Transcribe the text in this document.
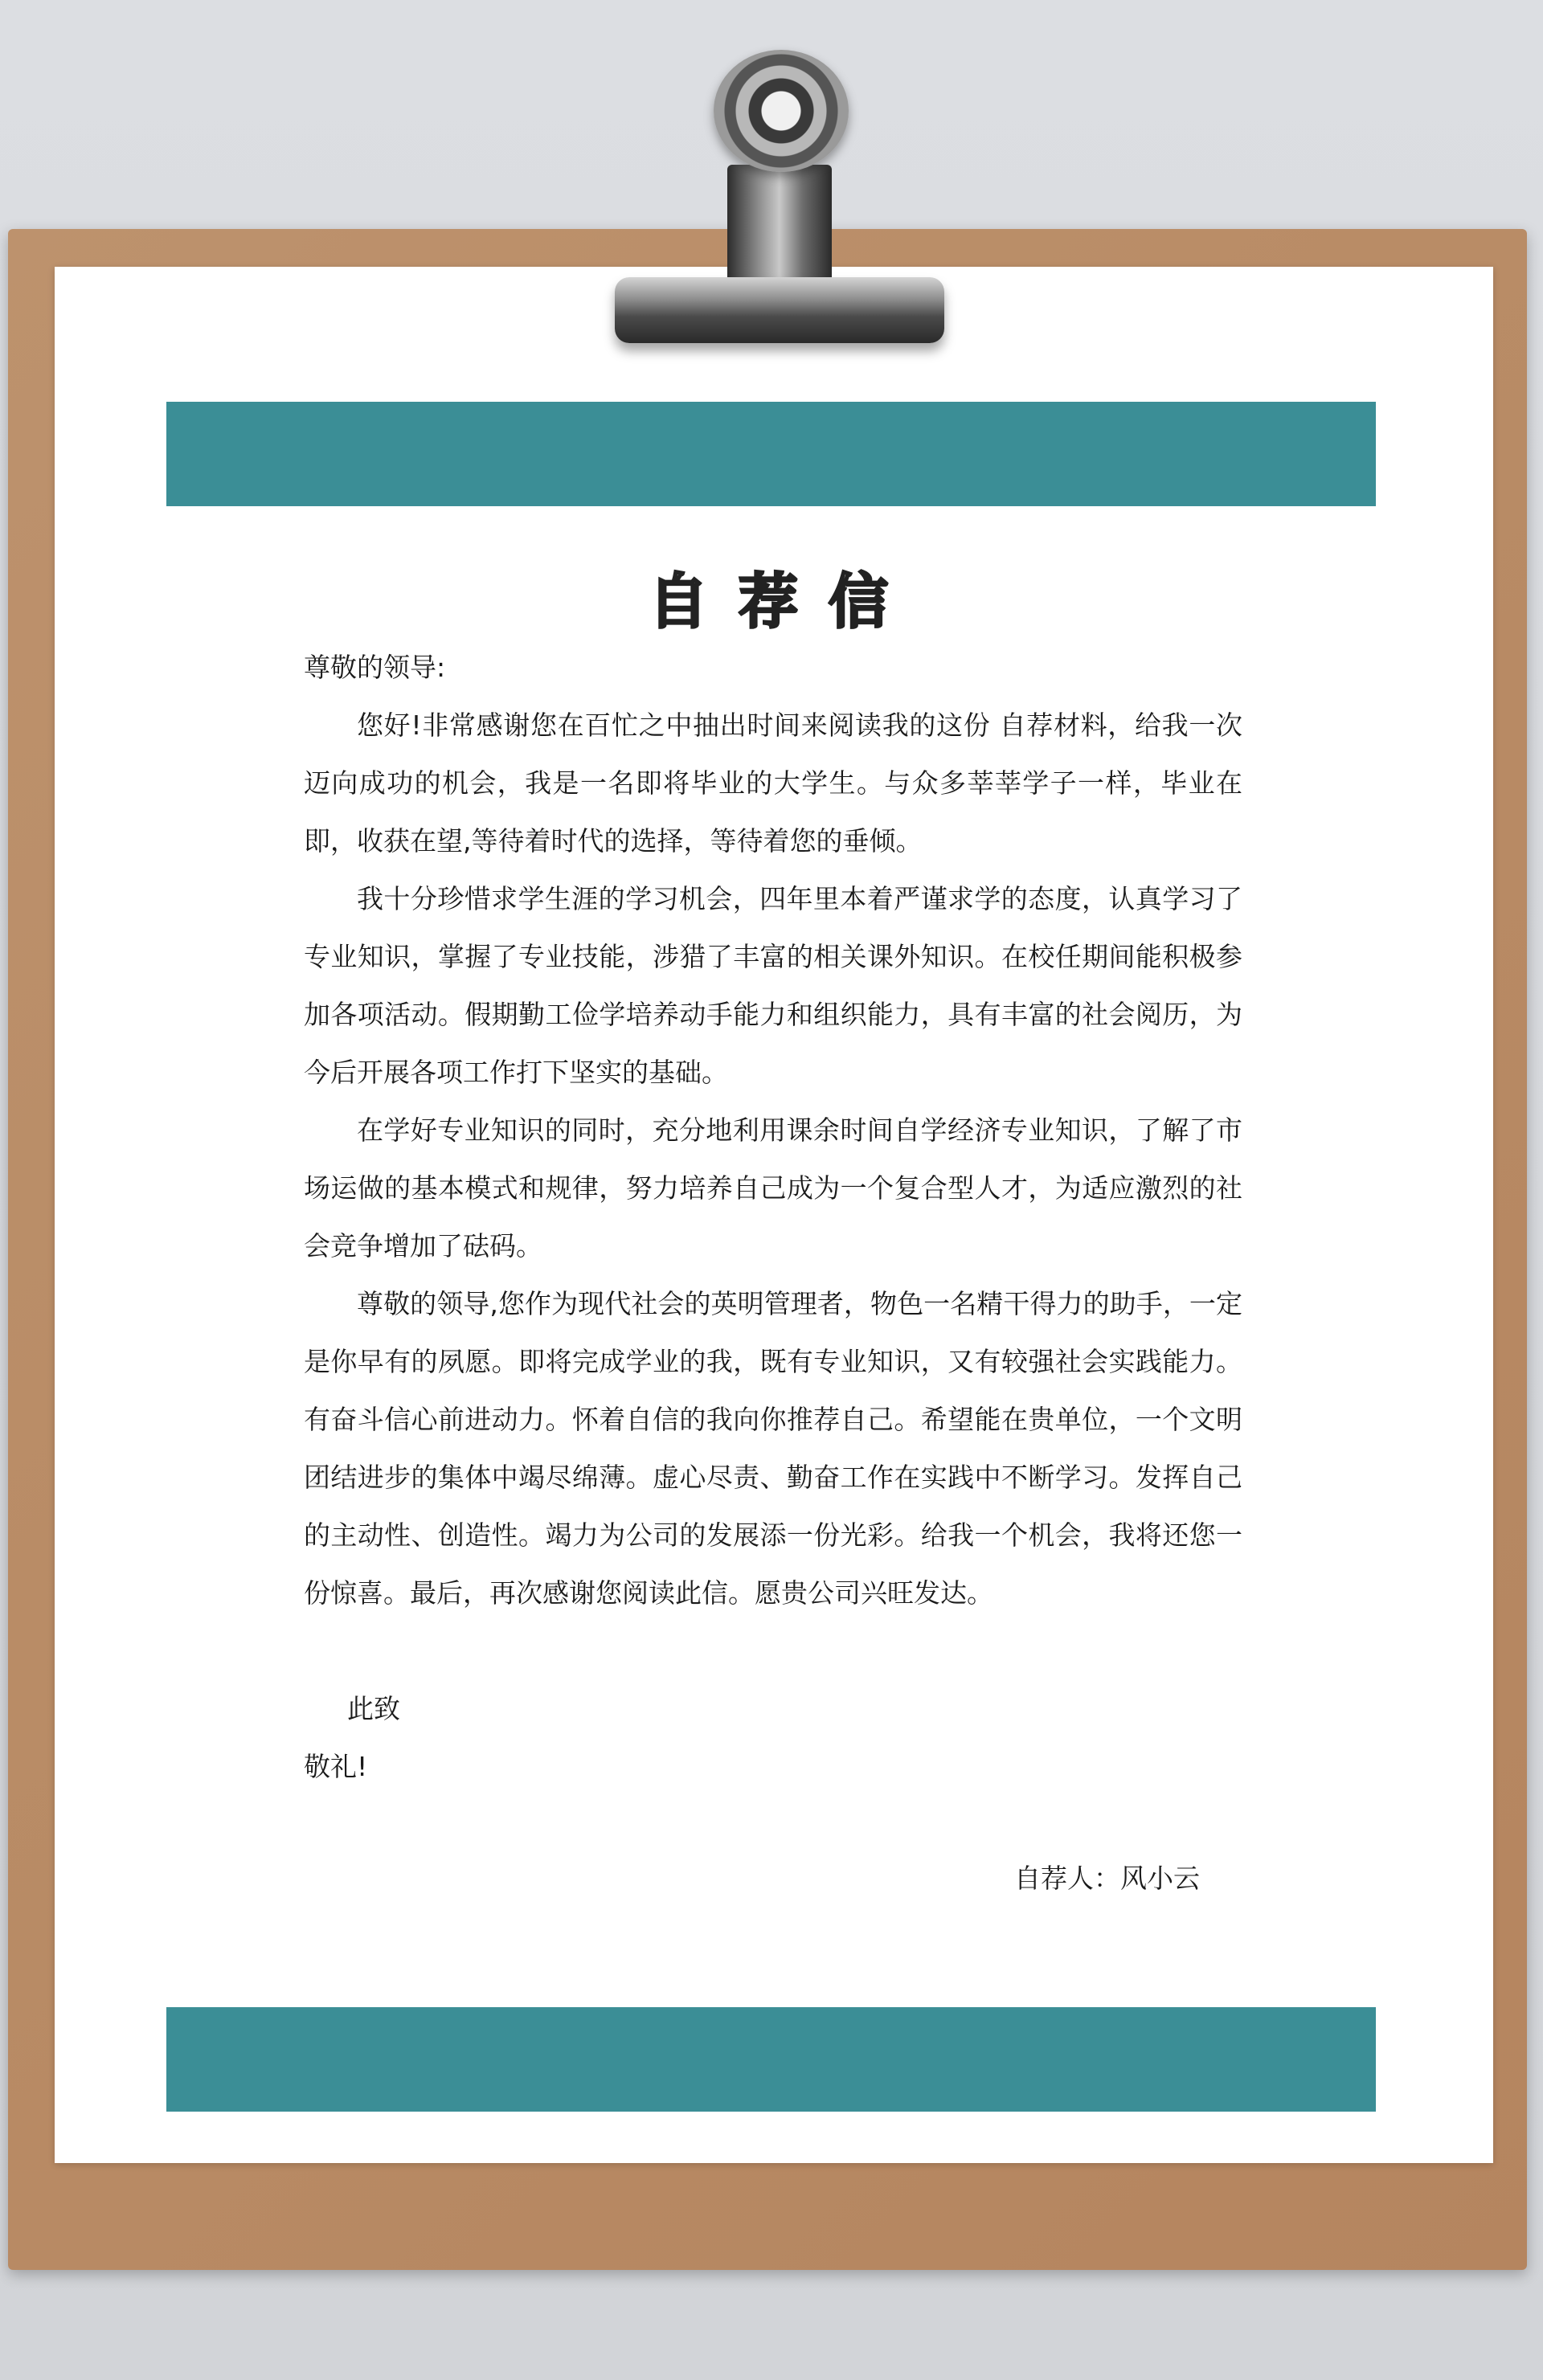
自荐信

尊敬的领导:

您好!非常感谢您在百忙之中抽出时间来阅读我的这份 自荐材料，给我一次迈向成功的机会，我是一名即将毕业的大学生。与众多莘莘学子一样，毕业在即，收获在望,等待着时代的选择，等待着您的垂倾。

我十分珍惜求学生涯的学习机会，四年里本着严谨求学的态度，认真学习了专业知识，掌握了专业技能，涉猎了丰富的相关课外知识。在校任期间能积极参加各项活动。假期勤工俭学培养动手能力和组织能力，具有丰富的社会阅历，为今后开展各项工作打下坚实的基础。

在学好专业知识的同时，充分地利用课余时间自学经济专业知识，了解了市场运做的基本模式和规律，努力培养自己成为一个复合型人才，为适应激烈的社会竞争增加了砝码。

尊敬的领导,您作为现代社会的英明管理者，物色一名精干得力的助手，一定是你早有的夙愿。即将完成学业的我，既有专业知识，又有较强社会实践能力。有奋斗信心前进动力。怀着自信的我向你推荐自己。希望能在贵单位，一个文明团结进步的集体中竭尽绵薄。虚心尽责、勤奋工作在实践中不断学习。发挥自己的主动性、创造性。竭力为公司的发展添一份光彩。给我一个机会，我将还您一份惊喜。最后，再次感谢您阅读此信。愿贵公司兴旺发达。

此致

敬礼!

自荐人：风小云
